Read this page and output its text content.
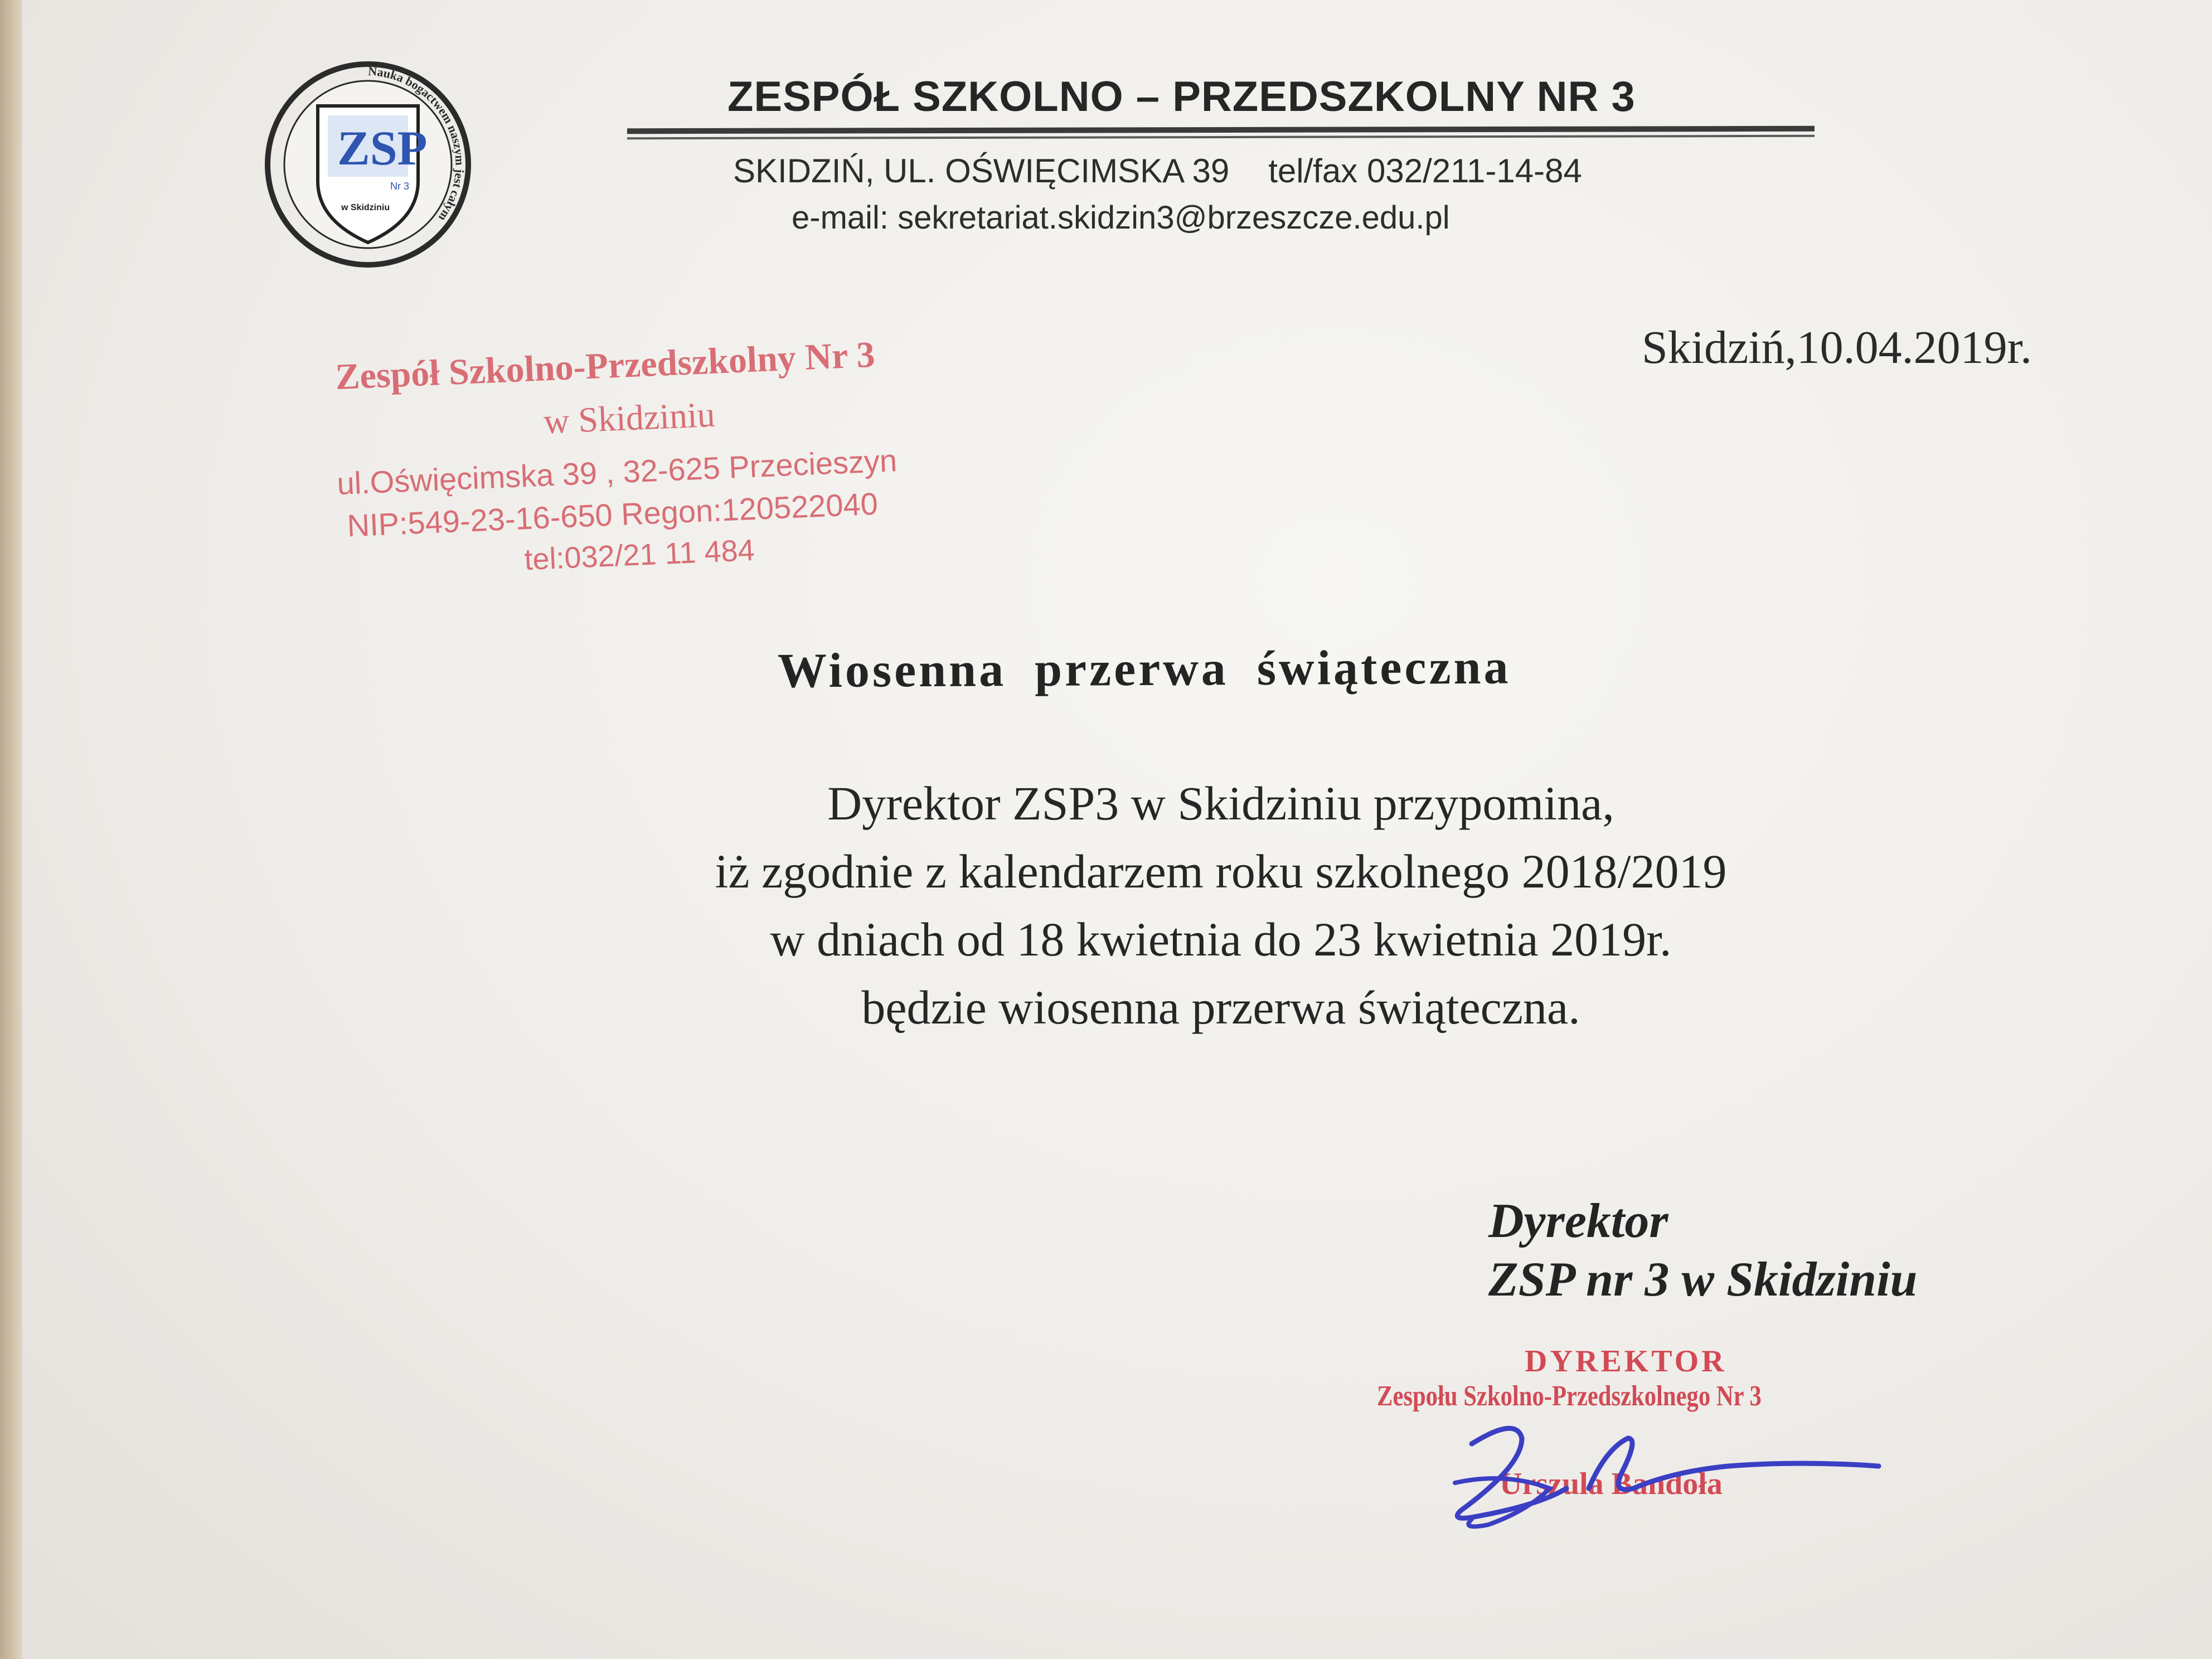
ZSP
Nr 3
w Skidziniu
Nauka bogactwem naszym jest całym
ZESPÓŁ SZKOLNO – PRZEDSZKOLNY NR 3
SKIDZIŃ, UL. OŚWIĘCIMSKA 39 tel/fax 032/211-14-84
e-mail: sekretariat.skidzin3@brzeszcze.edu.pl
Skidziń,10.04.2019r.
Zespół Szkolno-Przedszkolny Nr 3
w Skidziniu
ul.Oświęcimska 39 , 32-625 Przecieszyn
NIP:549-23-16-650 Regon:120522040
tel:032/21 11 484
Wiosenna przerwa świąteczna
Dyrektor ZSP3 w Skidziniu przypomina,
iż zgodnie z kalendarzem roku szkolnego 2018/2019
w dniach od 18 kwietnia do 23 kwietnia 2019r.
będzie wiosenna przerwa świąteczna.
Dyrektor
ZSP nr 3 w Skidziniu
DYREKTOR
Zespołu Szkolno-Przedszkolnego Nr 3
Urszula Bandoła
